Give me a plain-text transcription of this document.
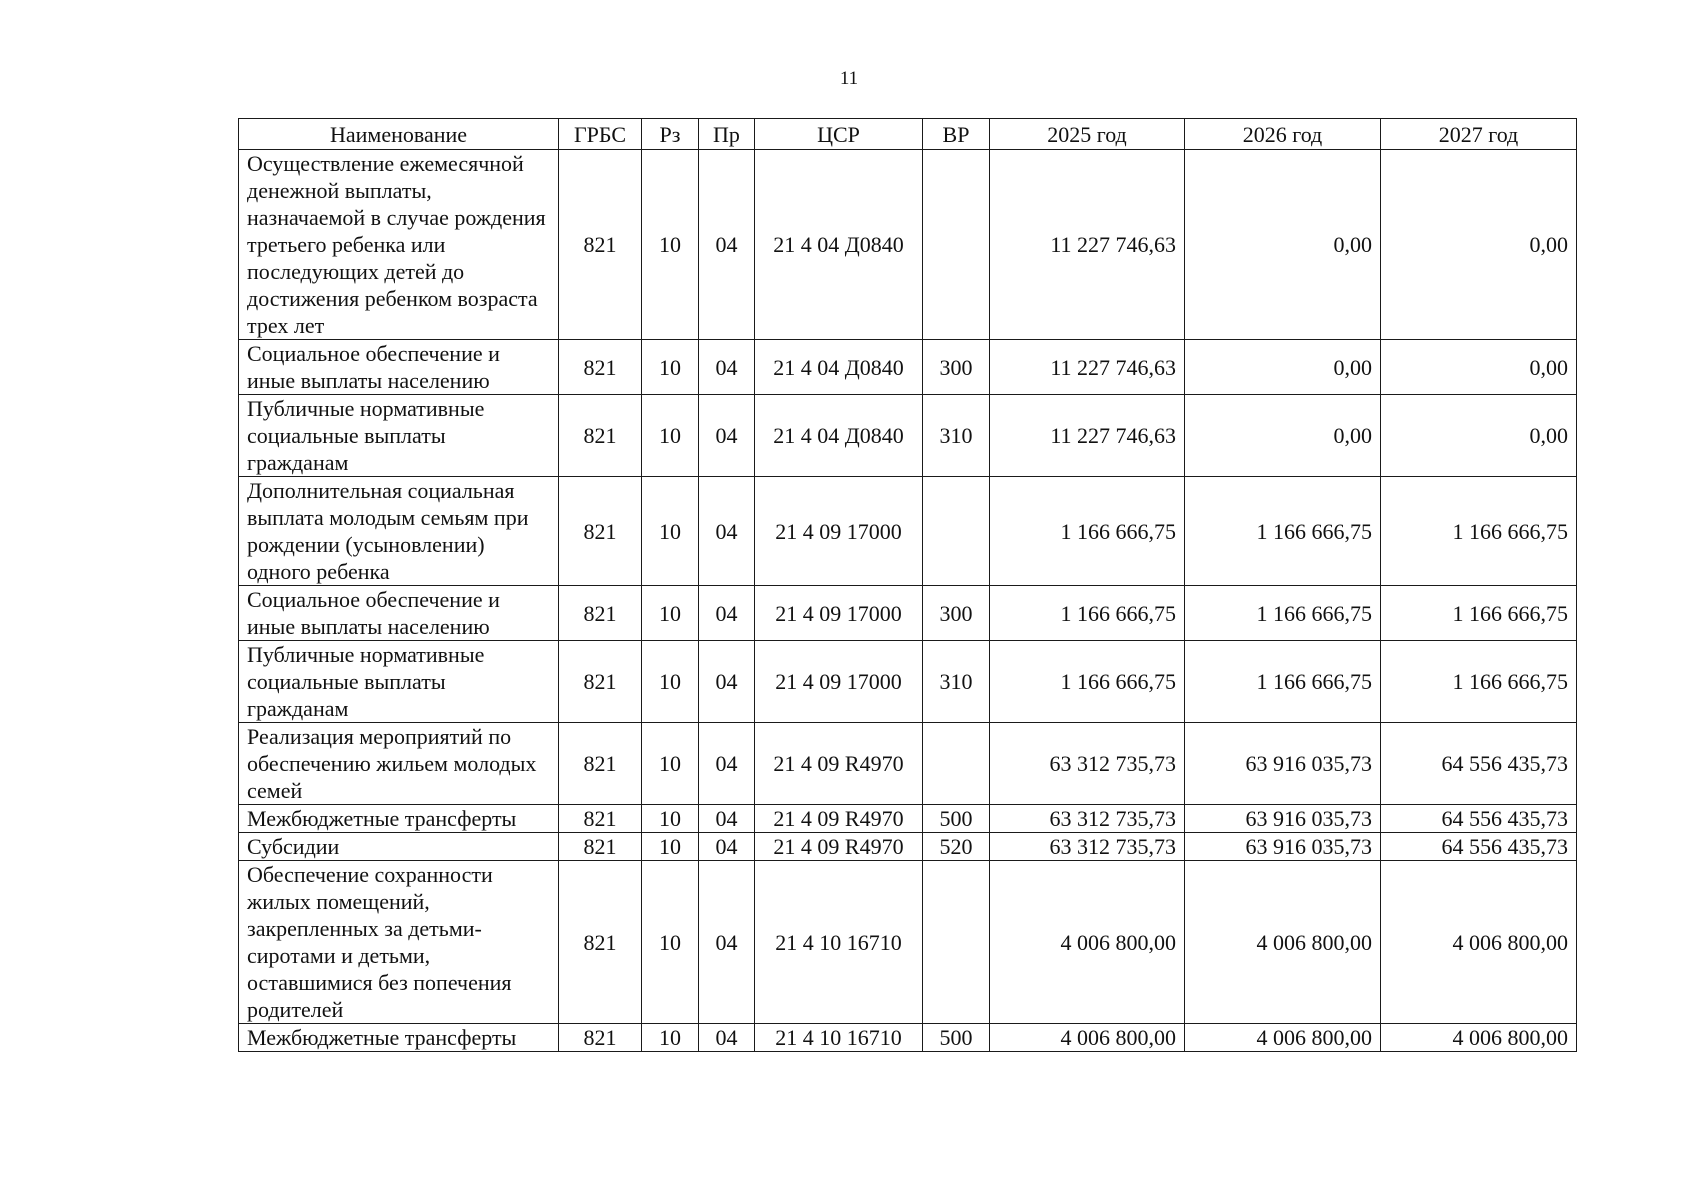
11
Наименование	ГРБС	Рз	Пр	ЦСР	ВР	2025 год	2026 год	2027 год
Осуществление ежемесячной денежной выплаты, назначаемой в случае рождения третьего ребенка или последующих детей до достижения ребенком возраста трех лет	821	10	04	21 4 04 Д0840		11 227 746,63	0,00	0,00
Социальное обеспечение и иные выплаты населению	821	10	04	21 4 04 Д0840	300	11 227 746,63	0,00	0,00
Публичные нормативные социальные выплаты гражданам	821	10	04	21 4 04 Д0840	310	11 227 746,63	0,00	0,00
Дополнительная социальная выплата молодым семьям при рождении (усыновлении) одного ребенка	821	10	04	21 4 09 17000		1 166 666,75	1 166 666,75	1 166 666,75
Социальное обеспечение и иные выплаты населению	821	10	04	21 4 09 17000	300	1 166 666,75	1 166 666,75	1 166 666,75
Публичные нормативные социальные выплаты гражданам	821	10	04	21 4 09 17000	310	1 166 666,75	1 166 666,75	1 166 666,75
Реализация мероприятий по обеспечению жильем молодых семей	821	10	04	21 4 09 R4970		63 312 735,73	63 916 035,73	64 556 435,73
Межбюджетные трансферты	821	10	04	21 4 09 R4970	500	63 312 735,73	63 916 035,73	64 556 435,73
Субсидии	821	10	04	21 4 09 R4970	520	63 312 735,73	63 916 035,73	64 556 435,73
Обеспечение сохранности жилых помещений, закрепленных за детьми-сиротами и детьми, оставшимися без попечения родителей	821	10	04	21 4 10 16710		4 006 800,00	4 006 800,00	4 006 800,00
Межбюджетные трансферты	821	10	04	21 4 10 16710	500	4 006 800,00	4 006 800,00	4 006 800,00
